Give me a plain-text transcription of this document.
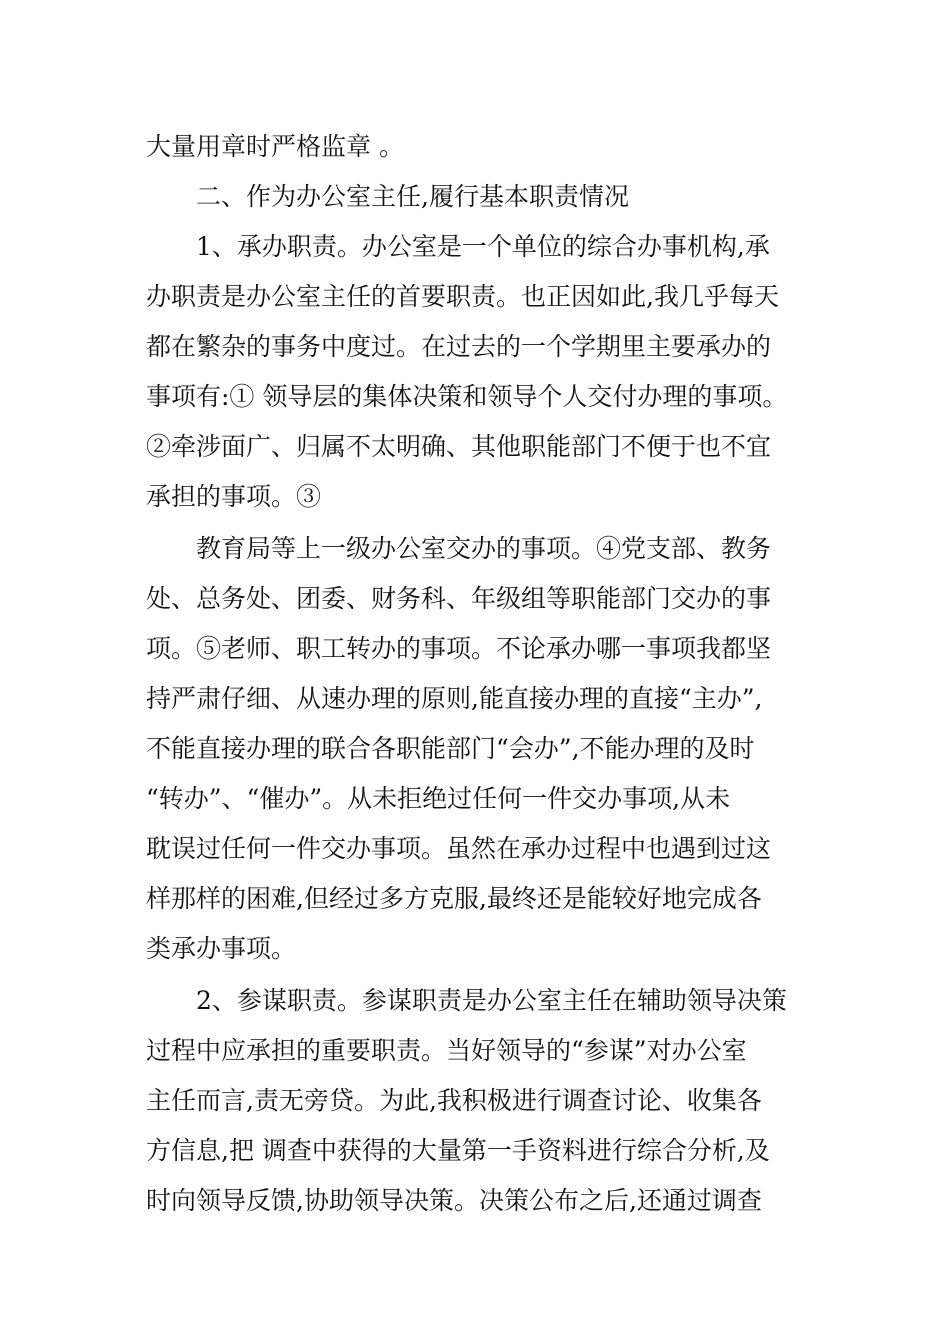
大量用章时严格监章 。
二、作为办公室主任,履行基本职责情况
1、承办职责。办公室是一个单位的综合办事机构,承
办职责是办公室主任的首要职责。也正因如此,我几乎每天
都在繁杂的事务中度过。在过去的一个学期里主要承办的
事项有:① 领导层的集体决策和领导个人交付办理的事项。
②牵涉面广、归属不太明确、其他职能部门不便于也不宜
承担的事项。③
教育局等上一级办公室交办的事项。④党支部、教务
处、总务处、团委、财务科、年级组等职能部门交办的事
项。⑤老师、职工转办的事项。不论承办哪一事项我都坚
持严肃仔细、从速办理的原则,能直接办理的直接“主办”,
不能直接办理的联合各职能部门“会办”,不能办理的及时
“转办”、“催办”。从未拒绝过任何一件交办事项,从未
耽误过任何一件交办事项。虽然在承办过程中也遇到过这
样那样的困难,但经过多方克服,最终还是能较好地完成各
类承办事项。
2、参谋职责。参谋职责是办公室主任在辅助领导决策
过程中应承担的重要职责。当好领导的“参谋”对办公室
主任而言,责无旁贷。为此,我积极进行调查讨论、收集各
方信息,把 调查中获得的大量第一手资料进行综合分析,及
时向领导反馈,协助领导决策。决策公布之后,还通过调查
